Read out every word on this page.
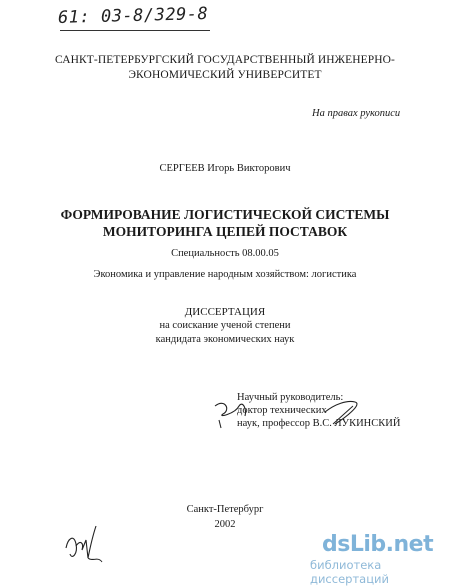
61: 03-8/329-8
САНКТ-ПЕТЕРБУРГСКИЙ ГОСУДАРСТВЕННЫЙ ИНЖЕНЕРНО-
ЭКОНОМИЧЕСКИЙ УНИВЕРСИТЕТ
На правах рукописи
СЕРГЕЕВ Игорь Викторович
ФОРМИРОВАНИЕ ЛОГИСТИЧЕСКОЙ СИСТЕМЫ
МОНИТОРИНГА ЦЕПЕЙ ПОСТАВОК
Специальность 08.00.05
Экономика и управление народным хозяйством: логистика
ДИССЕРТАЦИЯ
на соискание ученой степени
кандидата экономических наук
Научный руководитель:
доктор технических
наук, профессор В.С. ЛУКИНСКИЙ
Санкт-Петербург
2002
dsLib.net
библиотека диссертаций
